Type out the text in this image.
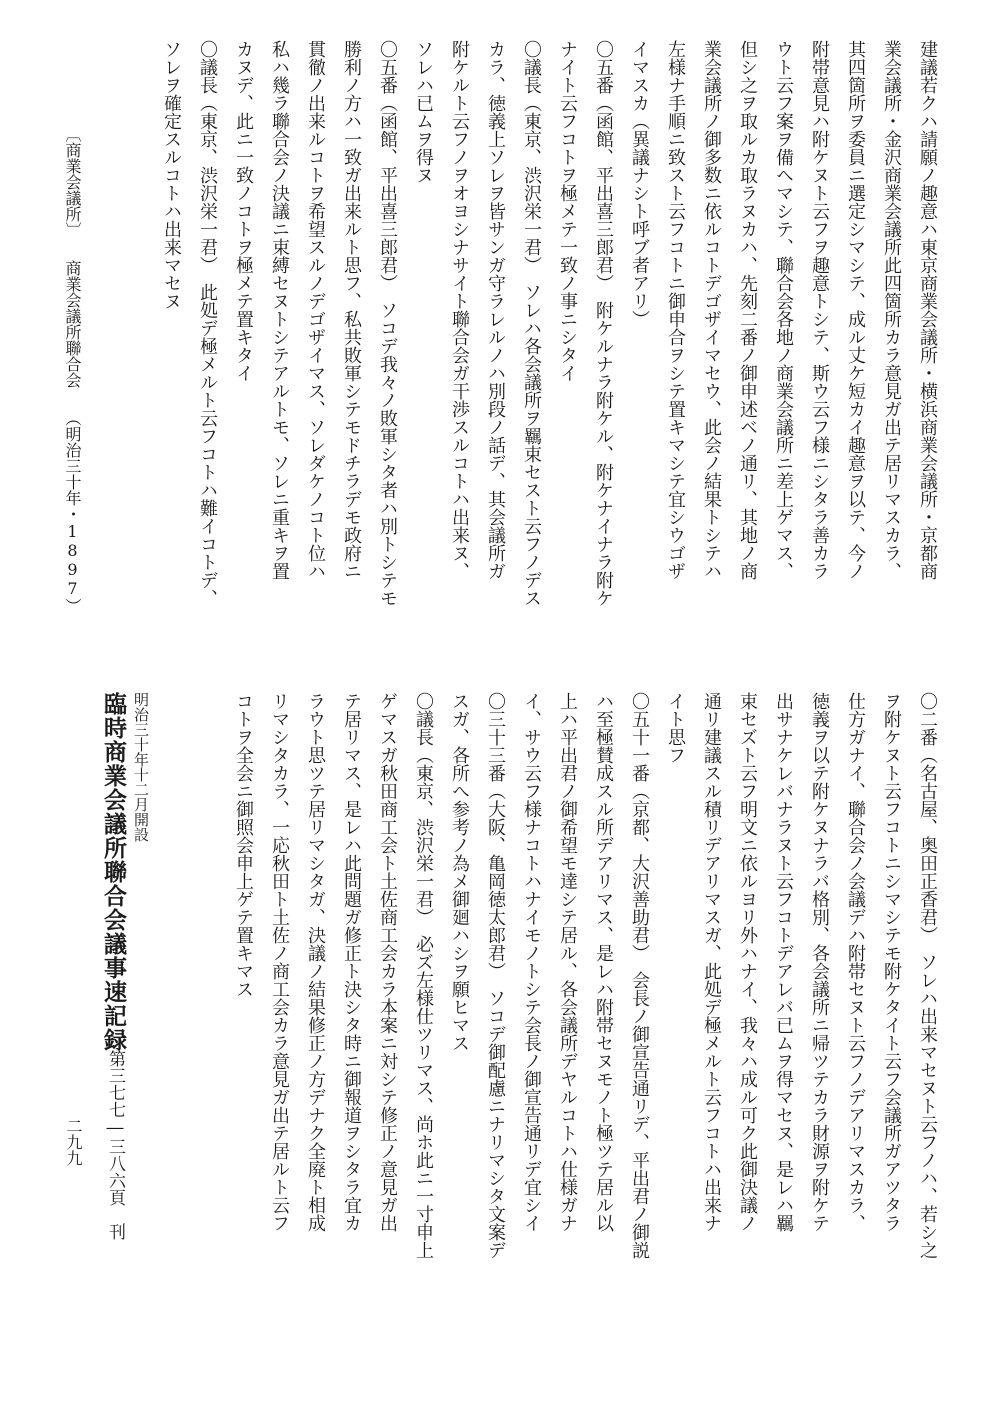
建議若クハ請願ノ趣意ハ東京商業会議所・横浜商業会議所・京都商

業会議所・金沢商業会議所此四箇所カラ意見ガ出テ居リマスカラ、

其四箇所ヲ委員ニ選定シマシテ、成ル丈ケ短カイ趣意ヲ以テ、今ノ

附帯意見ハ附ケヌト云フヲ趣意トシテ、斯ウ云フ様ニシタラ善カラ

ウト云フ案ヲ備ヘマシテ、聯合会各地ノ商業会議所ニ差上ゲマス、

但シ之ヲ取ルカ取ラヌカハ、先刻二番ノ御申述ベノ通リ、其地ノ商

業会議所ノ御多数ニ依ルコトデゴザイマセウ、此会ノ結果トシテハ

左様ナ手順ニ致スト云フコトニ御申合ヲシテ置キマシテ宜シウゴザ

イマスカ（異議ナシト呼ブ者アリ）

〇五番（函館、平出喜三郎君）　附ケルナラ附ケル、附ケナイナラ附ケ

ナイト云フコトヲ極メテ一致ノ事ニシタイ

〇議長（東京、渋沢栄一君）　ソレハ各会議所ヲ羈束セスト云フノデス

カラ、徳義上ソレヲ皆サンガ守ラレルノハ別段ノ話デ、其会議所ガ

附ケルト云フノヲオヨシナサイト聯合会ガ干渉スルコトハ出来ヌ、

ソレハ已ムヲ得ヌ

〇五番（函館、平出喜三郎君）　ソコデ我々ノ敗軍シタ者ハ別トシテモ

勝利ノ方ハ一致ガ出来ルト思フ、私共敗軍シテモドチラデモ政府ニ

貫徹ノ出来ルコトヲ希望スルノデゴザイマス、ソレダケノコト位ハ

私ハ幾ラ聯合会ノ決議ニ束縛セヌトシテアルトモ、ソレニ重キヲ置

カヌデ、此ニ一致ノコトヲ極メテ置キタイ

〇議長（東京、渋沢栄一君）　此処デ極メルト云フコトハ難イコトデ、

ソレヲ確定スルコトハ出来マセヌ

〔商業会議所〕商業会議所聯合会（明治三十年・1897）

〇二番（名古屋、奥田正香君）　ソレハ出来マセヌト云フノハ、若シ之

ヲ附ケヌト云フコトニシマシテモ附ケタイト云フ会議所ガアツタラ

仕方ガナイ、聯合会ノ会議デハ附帯セヌト云フノデアリマスカラ、

徳義ヲ以テ附ケヌナラバ格別、各会議所ニ帰ツテカラ財源ヲ附ケテ

出サナケレバナラヌト云フコトデアレバ已ムヲ得マセヌ、是レハ羈

束セズト云フ明文ニ依ルヨリ外ハナイ、我々ハ成ル可ク此御決議ノ

通リ建議スル積リデアリマスガ、此処デ極メルト云フコトハ出来ナ

イト思フ

〇五十一番（京都、大沢善助君）　会長ノ御宣告通リデ、平出君ノ御説

ハ至極賛成スル所デアリマス、是レハ附帯セヌモノト極ツテ居ル以

上ハ平出君ノ御希望モ達シテ居ル、各会議所デヤルコトハ仕様ガナ

イ、サウ云フ様ナコトハナイモノトシテ会長ノ御宣告通リデ宜シイ

〇三十三番（大阪、亀岡徳太郎君）　ソコデ御配慮ニナリマシタ文案デ

スガ、各所へ参考ノ為メ御廻ハシヲ願ヒマス

〇議長（東京、渋沢栄一君）　必ズ左様仕ツリマス、尚ホ此ニ一寸申上

ゲマスガ秋田商工会ト土佐商工会カラ本案ニ対シテ修正ノ意見ガ出

テ居リマス、是レハ此問題ガ修正ト決シタ時ニ御報道ヲシタラ宜カ

ラウト思ツテ居リマシタガ、決議ノ結果修正ノ方デナク全廃ト相成

リマシタカラ、一応秋田ト土佐ノ商工会カラ意見ガ出テ居ルト云フ

コトヲ全会ニ御照会申上ゲテ置キマス

明治三十年十二月開設
臨時商業会議所聯合会議事速記録
第三七七―三八六頁　刊
二九九
